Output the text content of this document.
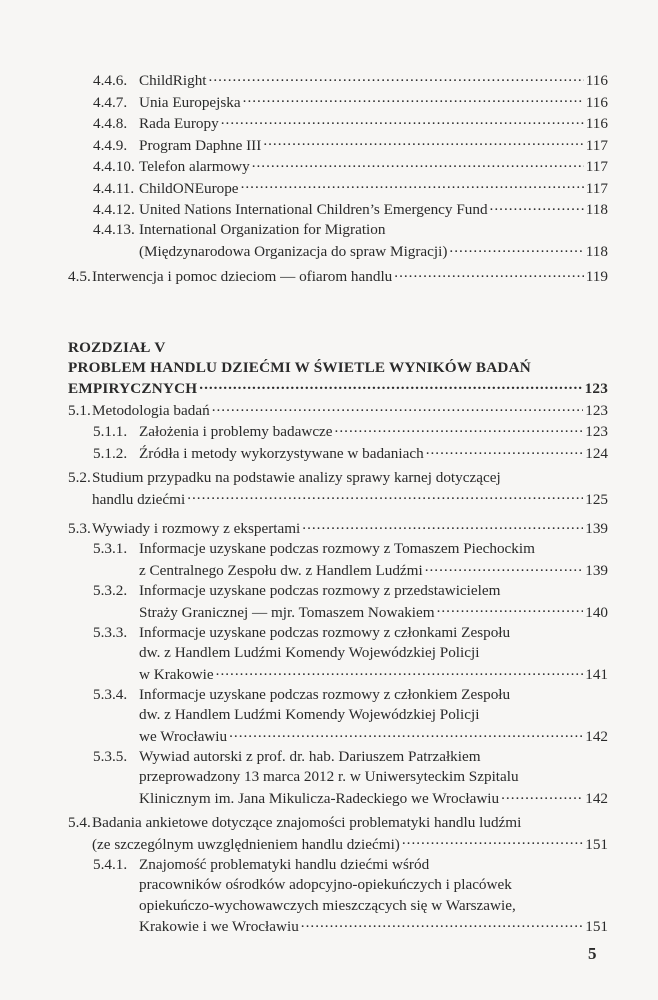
4.4.6. ChildRight .....	116
4.4.7. Unia Europejska .....	116
4.4.8. Rada Europy .....	116
4.4.9. Program Daphne III .....	117
4.4.10. Telefon alarmowy .....	117
4.4.11. ChildONEurope .....	117
4.4.12. United Nations International Children’s Emergency Fund .....	118
4.4.13. International Organization for Migration
(Międzynarodowa Organizacja do spraw Migracji) .....	118
4.5. Interwencja i pomoc dzieciom — ofiarom handlu .....	119
ROZDZIAŁ V
PROBLEM HANDLU DZIEĆMI W ŚWIETLE WYNIKÓW BADAŃ
EMPIRYCZNYCH .....	123
5.1. Metodologia badań .....	123
5.1.1. Założenia i problemy badawcze .....	123
5.1.2. Źródła i metody wykorzystywane w badaniach .....	124
5.2. Studium przypadku na podstawie analizy sprawy karnej dotyczącej
handlu dziećmi .....	125
5.3. Wywiady i rozmowy z ekspertami .....	139
5.3.1. Informacje uzyskane podczas rozmowy z Tomaszem Piechockim
z Centralnego Zespołu dw. z Handlem Ludźmi .....	139
5.3.2. Informacje uzyskane podczas rozmowy z przedstawicielem
Straży Granicznej — mjr. Tomaszem Nowakiem .....	140
5.3.3. Informacje uzyskane podczas rozmowy z członkami Zespołu
dw. z Handlem Ludźmi Komendy Wojewódzkiej Policji
w Krakowie .....	141
5.3.4. Informacje uzyskane podczas rozmowy z członkiem Zespołu
dw. z Handlem Ludźmi Komendy Wojewódzkiej Policji
we Wrocławiu .....	142
5.3.5. Wywiad autorski z prof. dr. hab. Dariuszem Patrzałkiem
przeprowadzony 13 marca 2012 r. w Uniwersyteckim Szpitalu
Klinicznym im. Jana Mikulicza-Radeckiego we Wrocławiu .....	142
5.4. Badania ankietowe dotyczące znajomości problematyki handlu ludźmi
(ze szczególnym uwzględnieniem handlu dziećmi) .....	151
5.4.1. Znajomość problematyki handlu dziećmi wśród
pracowników ośrodków adopcyjno-opiekuńczych i placówek
opiekuńczo-wychowawczych mieszczących się w Warszawie,
Krakowie i we Wrocławiu .....	151
5
